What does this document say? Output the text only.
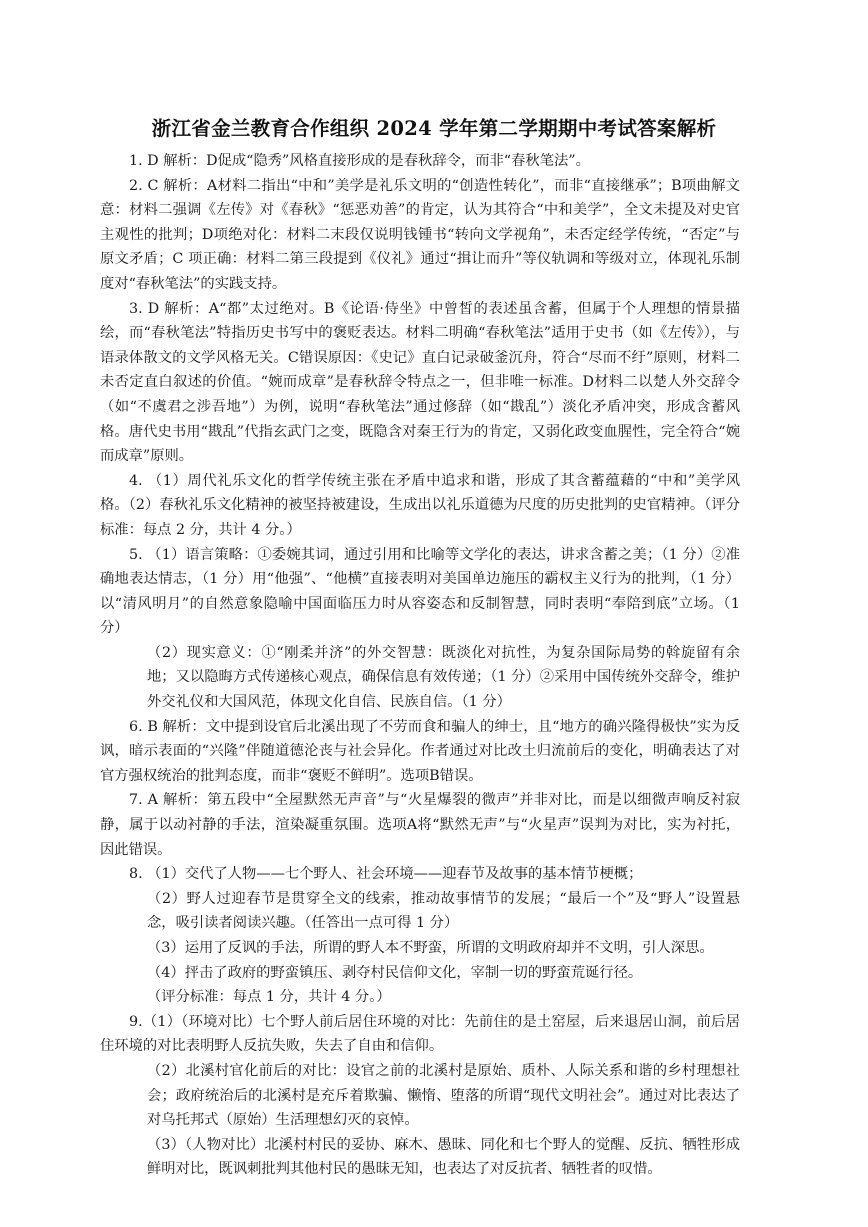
浙江省金兰教育合作组织 2024 学年第二学期期中考试答案解析

1. D 解析：D促成“隐秀”风格直接形成的是春秋辞令，而非“春秋笔法”。

2. C 解析：A材料二指出“中和”美学是礼乐文明的“创造性转化”，而非“直接继承”；B项曲解文意：材料二强调《左传》对《春秋》“惩恶劝善”的肯定，认为其符合“中和美学”，全文未提及对史官主观性的批判；D项绝对化：材料二末段仅说明钱锺书“转向文学视角”，未否定经学传统，“否定”与原文矛盾；C 项正确：材料二第三段提到《仪礼》通过“揖让而升”等仪轨调和等级对立，体现礼乐制度对“春秋笔法”的实践支持。

3. D 解析：A“都”太过绝对。B《论语·侍坐》中曾皙的表述虽含蓄，但属于个人理想的情景描绘，而“春秋笔法”特指历史书写中的褒贬表达。材料二明确“春秋笔法”适用于史书（如《左传》），与语录体散文的文学风格无关。C错误原因：《史记》直白记录破釜沉舟，符合“尽而不纡”原则，材料二未否定直白叙述的价值。“婉而成章”是春秋辞令特点之一，但非唯一标准。D材料二以楚人外交辞令（如“不虞君之涉吾地”）为例，说明“春秋笔法”通过修辞（如“戡乱”）淡化矛盾冲突，形成含蓄风格。唐代史书用“戡乱”代指玄武门之变，既隐含对秦王行为的肯定，又弱化政变血腥性，完全符合“婉而成章”原则。

4. （1）周代礼乐文化的哲学传统主张在矛盾中追求和谐，形成了其含蓄蕴藉的“中和”美学风格。（2）春秋礼乐文化精神的被坚持被建设，生成出以礼乐道德为尺度的历史批判的史官精神。（评分标准：每点 2 分，共计 4 分。）

5. （1）语言策略：①委婉其词，通过引用和比喻等文学化的表达，讲求含蓄之美；（1 分）②准确地表达情志，（1 分）用“他强”、“他横”直接表明对美国单边施压的霸权主义行为的批判，（1 分）以“清风明月”的自然意象隐喻中国面临压力时从容姿态和反制智慧，同时表明“奉陪到底”立场。（1 分）

（2）现实意义：①“刚柔并济”的外交智慧：既淡化对抗性，为复杂国际局势的斡旋留有余地；又以隐晦方式传递核心观点，确保信息有效传递；（1 分）②采用中国传统外交辞令，维护外交礼仪和大国风范，体现文化自信、民族自信。（1 分）

6. B 解析：文中提到设官后北溪出现了不劳而食和骗人的绅士，且“地方的确兴隆得极快”实为反讽，暗示表面的“兴隆”伴随道德沦丧与社会异化。作者通过对比改土归流前后的变化，明确表达了对官方强权统治的批判态度，而非“褒贬不鲜明”。选项B错误。

7. A 解析：第五段中“全屋默然无声音”与“火星爆裂的微声”并非对比，而是以细微声响反衬寂静，属于以动衬静的手法，渲染凝重氛围。选项A将“默然无声”与“火星声”误判为对比，实为衬托，因此错误。

8. （1）交代了人物——七个野人、社会环境——迎春节及故事的基本情节梗概；

（2）野人过迎春节是贯穿全文的线索，推动故事情节的发展；“最后一个”及“野人”设置悬念，吸引读者阅读兴趣。（任答出一点可得 1 分）

（3）运用了反讽的手法，所谓的野人本不野蛮，所谓的文明政府却并不文明，引人深思。

（4）抨击了政府的野蛮镇压、剥夺村民信仰文化，宰制一切的野蛮荒诞行径。

（评分标准：每点 1 分，共计 4 分。）

9.（1）（环境对比）七个野人前后居住环境的对比：先前住的是土窑屋，后来退居山洞，前后居住环境的对比表明野人反抗失败，失去了自由和信仰。

（2）北溪村官化前后的对比：设官之前的北溪村是原始、质朴、人际关系和谐的乡村理想社会；政府统治后的北溪村是充斥着欺骗、懒惰、堕落的所谓“现代文明社会”。通过对比表达了对乌托邦式（原始）生活理想幻灭的哀悼。

（3）（人物对比）北溪村村民的妥协、麻木、愚昧、同化和七个野人的觉醒、反抗、牺牲形成鲜明对比，既讽刺批判其他村民的愚昧无知，也表达了对反抗者、牺牲者的叹惜。
